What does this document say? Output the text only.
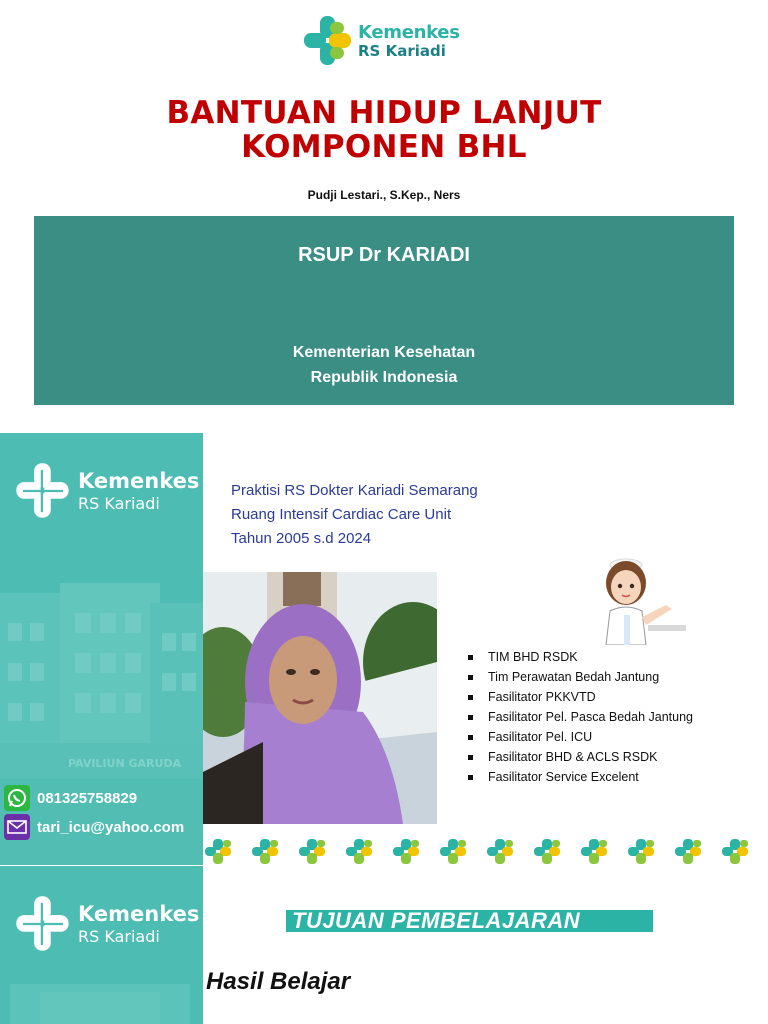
Kemenkes
RS Kariadi
BANTUAN HIDUP LANJUT
KOMPONEN BHL
Pudji Lestari., S.Kep., Ners
RSUP Dr KARIADI
Kementerian Kesehatan
Republik Indonesia
PAVILIUN GARUDA
Kemenkes
RS Kariadi
081325758829
tari_icu@yahoo.com
Praktisi RS Dokter Kariadi Semarang
Ruang Intensif Cardiac Care Unit
Tahun 2005 s.d 2024
TIM BHD RSDK
Tim Perawatan Bedah Jantung
Fasilitator PKKVTD
Fasilitator Pel. Pasca Bedah Jantung
Fasilitator Pel. ICU
Fasilitator BHD & ACLS RSDK
Fasilitator Service Excelent
Kemenkes
RS Kariadi
TUJUAN PEMBELAJARAN
Hasil Belajar
